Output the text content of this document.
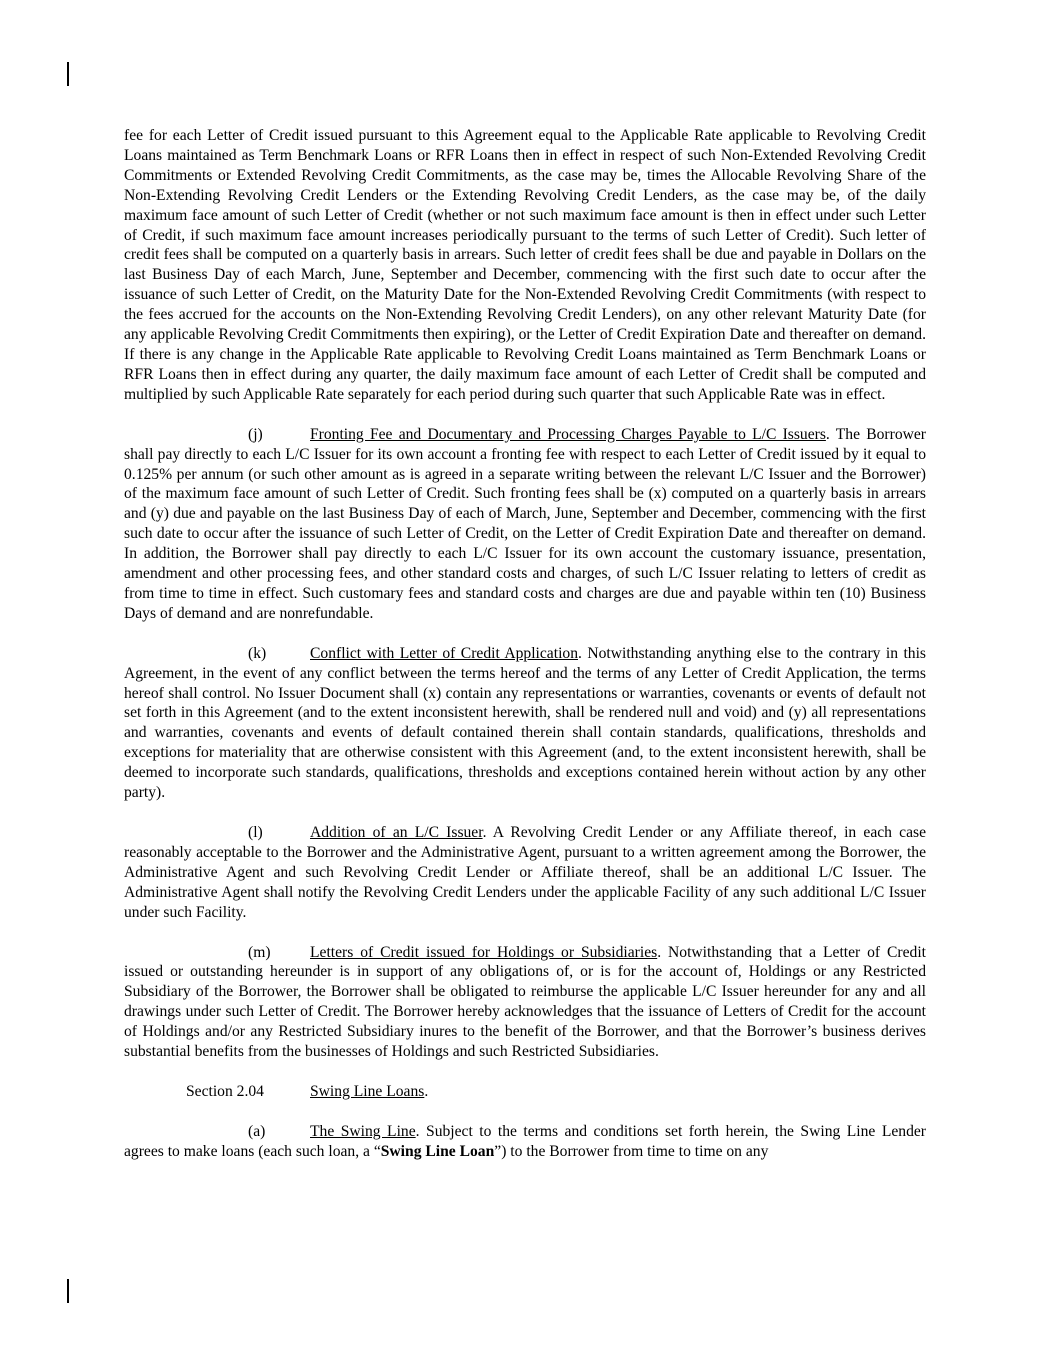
fee for each Letter of Credit issued pursuant to this Agreement equal to the Applicable Rate applicable to Revolving Credit Loans maintained as Term Benchmark Loans or RFR Loans then in effect in respect of such Non-Extended Revolving Credit Commitments or Extended Revolving Credit Commitments, as the case may be, times the Allocable Revolving Share of the Non-Extending Revolving Credit Lenders or the Extending Revolving Credit Lenders, as the case may be, of the daily maximum face amount of such Letter of Credit (whether or not such maximum face amount is then in effect under such Letter of Credit, if such maximum face amount increases periodically pursuant to the terms of such Letter of Credit). Such letter of credit fees shall be computed on a quarterly basis in arrears. Such letter of credit fees shall be due and payable in Dollars on the last Business Day of each March, June, September and December, commencing with the first such date to occur after the issuance of such Letter of Credit, on the Maturity Date for the Non-Extended Revolving Credit Commitments (with respect to the fees accrued for the accounts on the Non-Extending Revolving Credit Lenders), on any other relevant Maturity Date (for any applicable Revolving Credit Commitments then expiring), or the Letter of Credit Expiration Date and thereafter on demand. If there is any change in the Applicable Rate applicable to Revolving Credit Loans maintained as Term Benchmark Loans or RFR Loans then in effect during any quarter, the daily maximum face amount of each Letter of Credit shall be computed and multiplied by such Applicable Rate separately for each period during such quarter that such Applicable Rate was in effect.

(j)	Fronting Fee and Documentary and Processing Charges Payable to L/C Issuers. The Borrower shall pay directly to each L/C Issuer for its own account a fronting fee with respect to each Letter of Credit issued by it equal to 0.125% per annum (or such other amount as is agreed in a separate writing between the relevant L/C Issuer and the Borrower) of the maximum face amount of such Letter of Credit. Such fronting fees shall be (x) computed on a quarterly basis in arrears and (y) due and payable on the last Business Day of each of March, June, September and December, commencing with the first such date to occur after the issuance of such Letter of Credit, on the Letter of Credit Expiration Date and thereafter on demand. In addition, the Borrower shall pay directly to each L/C Issuer for its own account the customary issuance, presentation, amendment and other processing fees, and other standard costs and charges, of such L/C Issuer relating to letters of credit as from time to time in effect. Such customary fees and standard costs and charges are due and payable within ten (10) Business Days of demand and are nonrefundable.

(k)	Conflict with Letter of Credit Application. Notwithstanding anything else to the contrary in this Agreement, in the event of any conflict between the terms hereof and the terms of any Letter of Credit Application, the terms hereof shall control. No Issuer Document shall (x) contain any representations or warranties, covenants or events of default not set forth in this Agreement (and to the extent inconsistent herewith, shall be rendered null and void) and (y) all representations and warranties, covenants and events of default contained therein shall contain standards, qualifications, thresholds and exceptions for materiality that are otherwise consistent with this Agreement (and, to the extent inconsistent herewith, shall be deemed to incorporate such standards, qualifications, thresholds and exceptions contained herein without action by any other party).

(l)	Addition of an L/C Issuer. A Revolving Credit Lender or any Affiliate thereof, in each case reasonably acceptable to the Borrower and the Administrative Agent, pursuant to a written agreement among the Borrower, the Administrative Agent and such Revolving Credit Lender or Affiliate thereof, shall be an additional L/C Issuer. The Administrative Agent shall notify the Revolving Credit Lenders under the applicable Facility of any such additional L/C Issuer under such Facility.

(m)	Letters of Credit issued for Holdings or Subsidiaries. Notwithstanding that a Letter of Credit issued or outstanding hereunder is in support of any obligations of, or is for the account of, Holdings or any Restricted Subsidiary of the Borrower, the Borrower shall be obligated to reimburse the applicable L/C Issuer hereunder for any and all drawings under such Letter of Credit. The Borrower hereby acknowledges that the issuance of Letters of Credit for the account of Holdings and/or any Restricted Subsidiary inures to the benefit of the Borrower, and that the Borrower’s business derives substantial benefits from the businesses of Holdings and such Restricted Subsidiaries.

Section 2.04	Swing Line Loans.

(a)	The Swing Line. Subject to the terms and conditions set forth herein, the Swing Line Lender agrees to make loans (each such loan, a “Swing Line Loan”) to the Borrower from time to time on any
